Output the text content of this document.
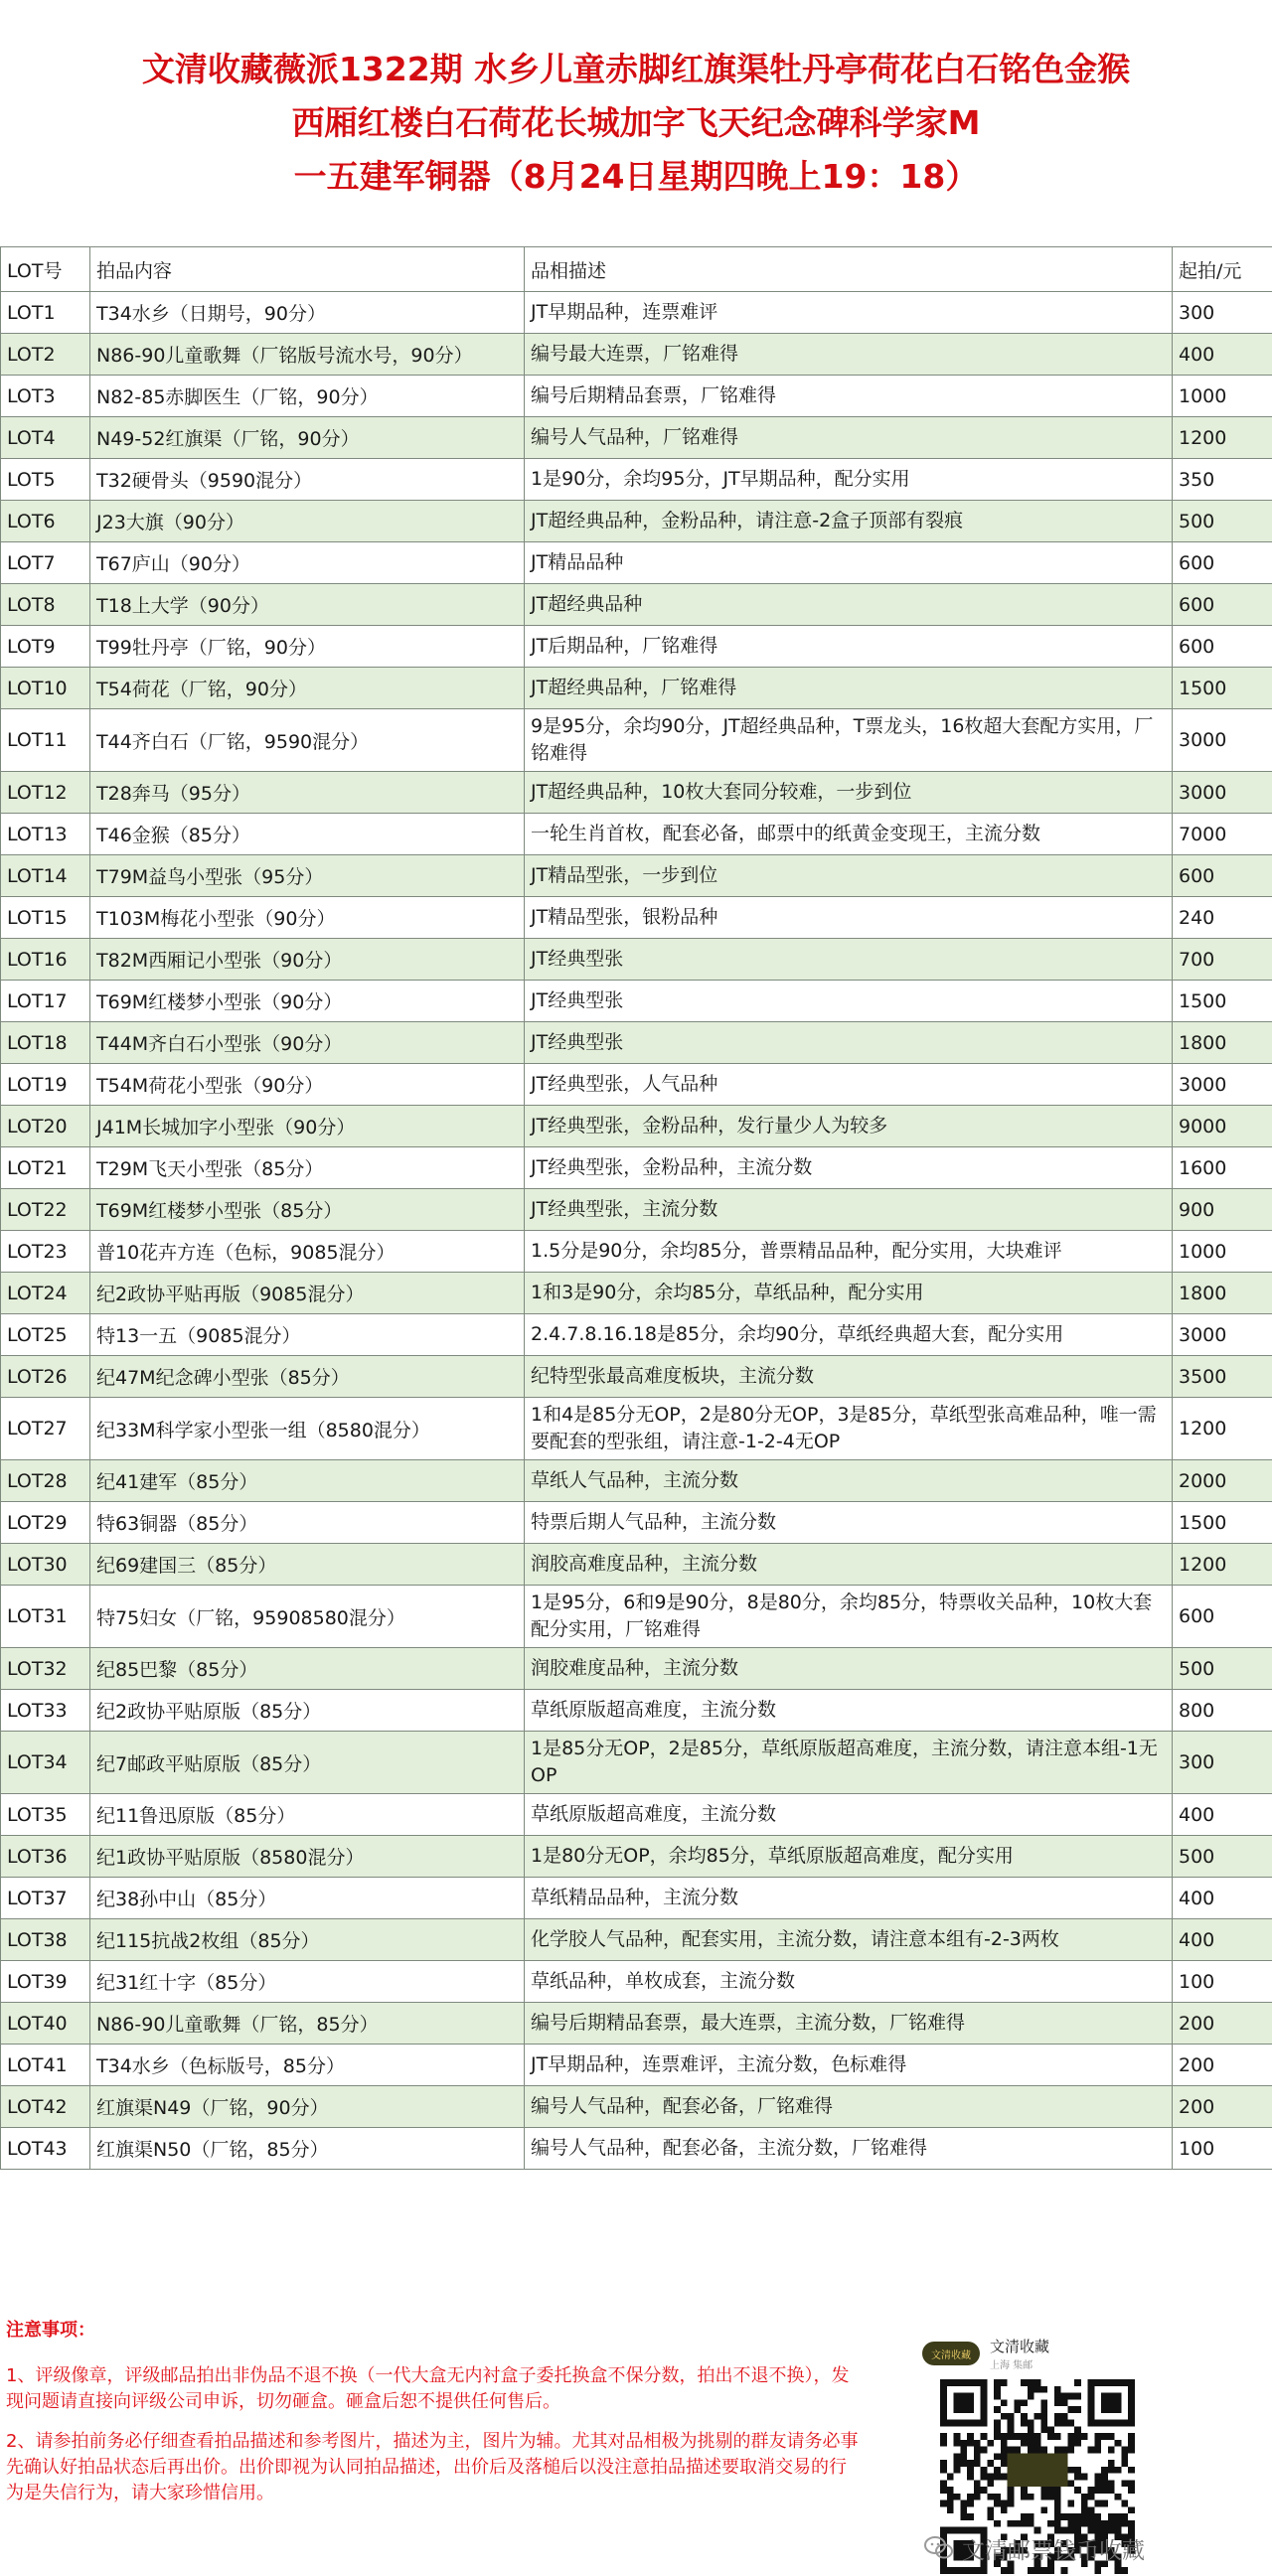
文清收藏薇派1322期 水乡儿童赤脚红旗渠牡丹亭荷花白石铭色金猴
西厢红楼白石荷花长城加字飞天纪念碑科学家M
一五建军铜器（8月24日星期四晚上19：18）
LOT号	拍品内容	品相描述	起拍/元
LOT1	T34水乡（日期号，90分）	JT早期品种，连票难评	300
LOT2	N86-90儿童歌舞（厂铭版号流水号，90分）	编号最大连票，厂铭难得	400
LOT3	N82-85赤脚医生（厂铭，90分）	编号后期精品套票，厂铭难得	1000
LOT4	N49-52红旗渠（厂铭，90分）	编号人气品种，厂铭难得	1200
LOT5	T32硬骨头（9590混分）	1是90分，余均95分，JT早期品种，配分实用	350
LOT6	J23大旗（90分）	JT超经典品种，金粉品种，请注意-2盒子顶部有裂痕	500
LOT7	T67庐山（90分）	JT精品品种	600
LOT8	T18上大学（90分）	JT超经典品种	600
LOT9	T99牡丹亭（厂铭，90分）	JT后期品种，厂铭难得	600
LOT10	T54荷花（厂铭，90分）	JT超经典品种，厂铭难得	1500
LOT11	T44齐白石（厂铭，9590混分）	9是95分，余均90分，JT超经典品种，T票龙头，16枚超大套配方实用，厂铭难得	3000
LOT12	T28奔马（95分）	JT超经典品种，10枚大套同分较难，一步到位	3000
LOT13	T46金猴（85分）	一轮生肖首枚，配套必备，邮票中的纸黄金变现王，主流分数	7000
LOT14	T79M益鸟小型张（95分）	JT精品型张，一步到位	600
LOT15	T103M梅花小型张（90分）	JT精品型张，银粉品种	240
LOT16	T82M西厢记小型张（90分）	JT经典型张	700
LOT17	T69M红楼梦小型张（90分）	JT经典型张	1500
LOT18	T44M齐白石小型张（90分）	JT经典型张	1800
LOT19	T54M荷花小型张（90分）	JT经典型张，人气品种	3000
LOT20	J41M长城加字小型张（90分）	JT经典型张，金粉品种，发行量少人为较多	9000
LOT21	T29M飞天小型张（85分）	JT经典型张，金粉品种，主流分数	1600
LOT22	T69M红楼梦小型张（85分）	JT经典型张，主流分数	900
LOT23	普10花卉方连（色标，9085混分）	1.5分是90分，余均85分，普票精品品种，配分实用，大块难评	1000
LOT24	纪2政协平贴再版（9085混分）	1和3是90分，余均85分，草纸品种，配分实用	1800
LOT25	特13一五（9085混分）	2.4.7.8.16.18是85分，余均90分，草纸经典超大套，配分实用	3000
LOT26	纪47M纪念碑小型张（85分）	纪特型张最高难度板块，主流分数	3500
LOT27	纪33M科学家小型张一组（8580混分）	1和4是85分无OP，2是80分无OP，3是85分，草纸型张高难品种，唯一需要配套的型张组，请注意-1-2-4无OP	1200
LOT28	纪41建军（85分）	草纸人气品种，主流分数	2000
LOT29	特63铜器（85分）	特票后期人气品种，主流分数	1500
LOT30	纪69建国三（85分）	润胶高难度品种，主流分数	1200
LOT31	特75妇女（厂铭，95908580混分）	1是95分，6和9是90分，8是80分，余均85分，特票收关品种，10枚大套配分实用，厂铭难得	600
LOT32	纪85巴黎（85分）	润胶难度品种，主流分数	500
LOT33	纪2政协平贴原版（85分）	草纸原版超高难度，主流分数	800
LOT34	纪7邮政平贴原版（85分）	1是85分无OP，2是85分，草纸原版超高难度，主流分数，请注意本组-1无OP	300
LOT35	纪11鲁迅原版（85分）	草纸原版超高难度，主流分数	400
LOT36	纪1政协平贴原版（8580混分）	1是80分无OP，余均85分，草纸原版超高难度，配分实用	500
LOT37	纪38孙中山（85分）	草纸精品品种，主流分数	400
LOT38	纪115抗战2枚组（85分）	化学胶人气品种，配套实用，主流分数，请注意本组有-2-3两枚	400
LOT39	纪31红十字（85分）	草纸品种，单枚成套，主流分数	100
LOT40	N86-90儿童歌舞（厂铭，85分）	编号后期精品套票，最大连票，主流分数，厂铭难得	200
LOT41	T34水乡（色标版号，85分）	JT早期品种，连票难评，主流分数，色标难得	200
LOT42	红旗渠N49（厂铭，90分）	编号人气品种，配套必备，厂铭难得	200
LOT43	红旗渠N50（厂铭，85分）	编号人气品种，配套必备，主流分数，厂铭难得	100
注意事项：

1、评级像章，评级邮品拍出非伪品不退不换（一代大盒无内衬盒子委托换盒不保分数，拍出不退不换），发现问题请直接向评级公司申诉，切勿砸盒。砸盒后恕不提供任何售后。

2、请参拍前务必仔细查看拍品描述和参考图片，描述为主，图片为辅。尤其对品相极为挑剔的群友请务必事先确认好拍品状态后再出价。出价即视为认同拍品描述，出价后及落槌后以没注意拍品描述要取消交易的行为是失信行为，请大家珍惜信用。

文清收藏	文清收藏
上海 集邮
文清邮票钱币收藏
